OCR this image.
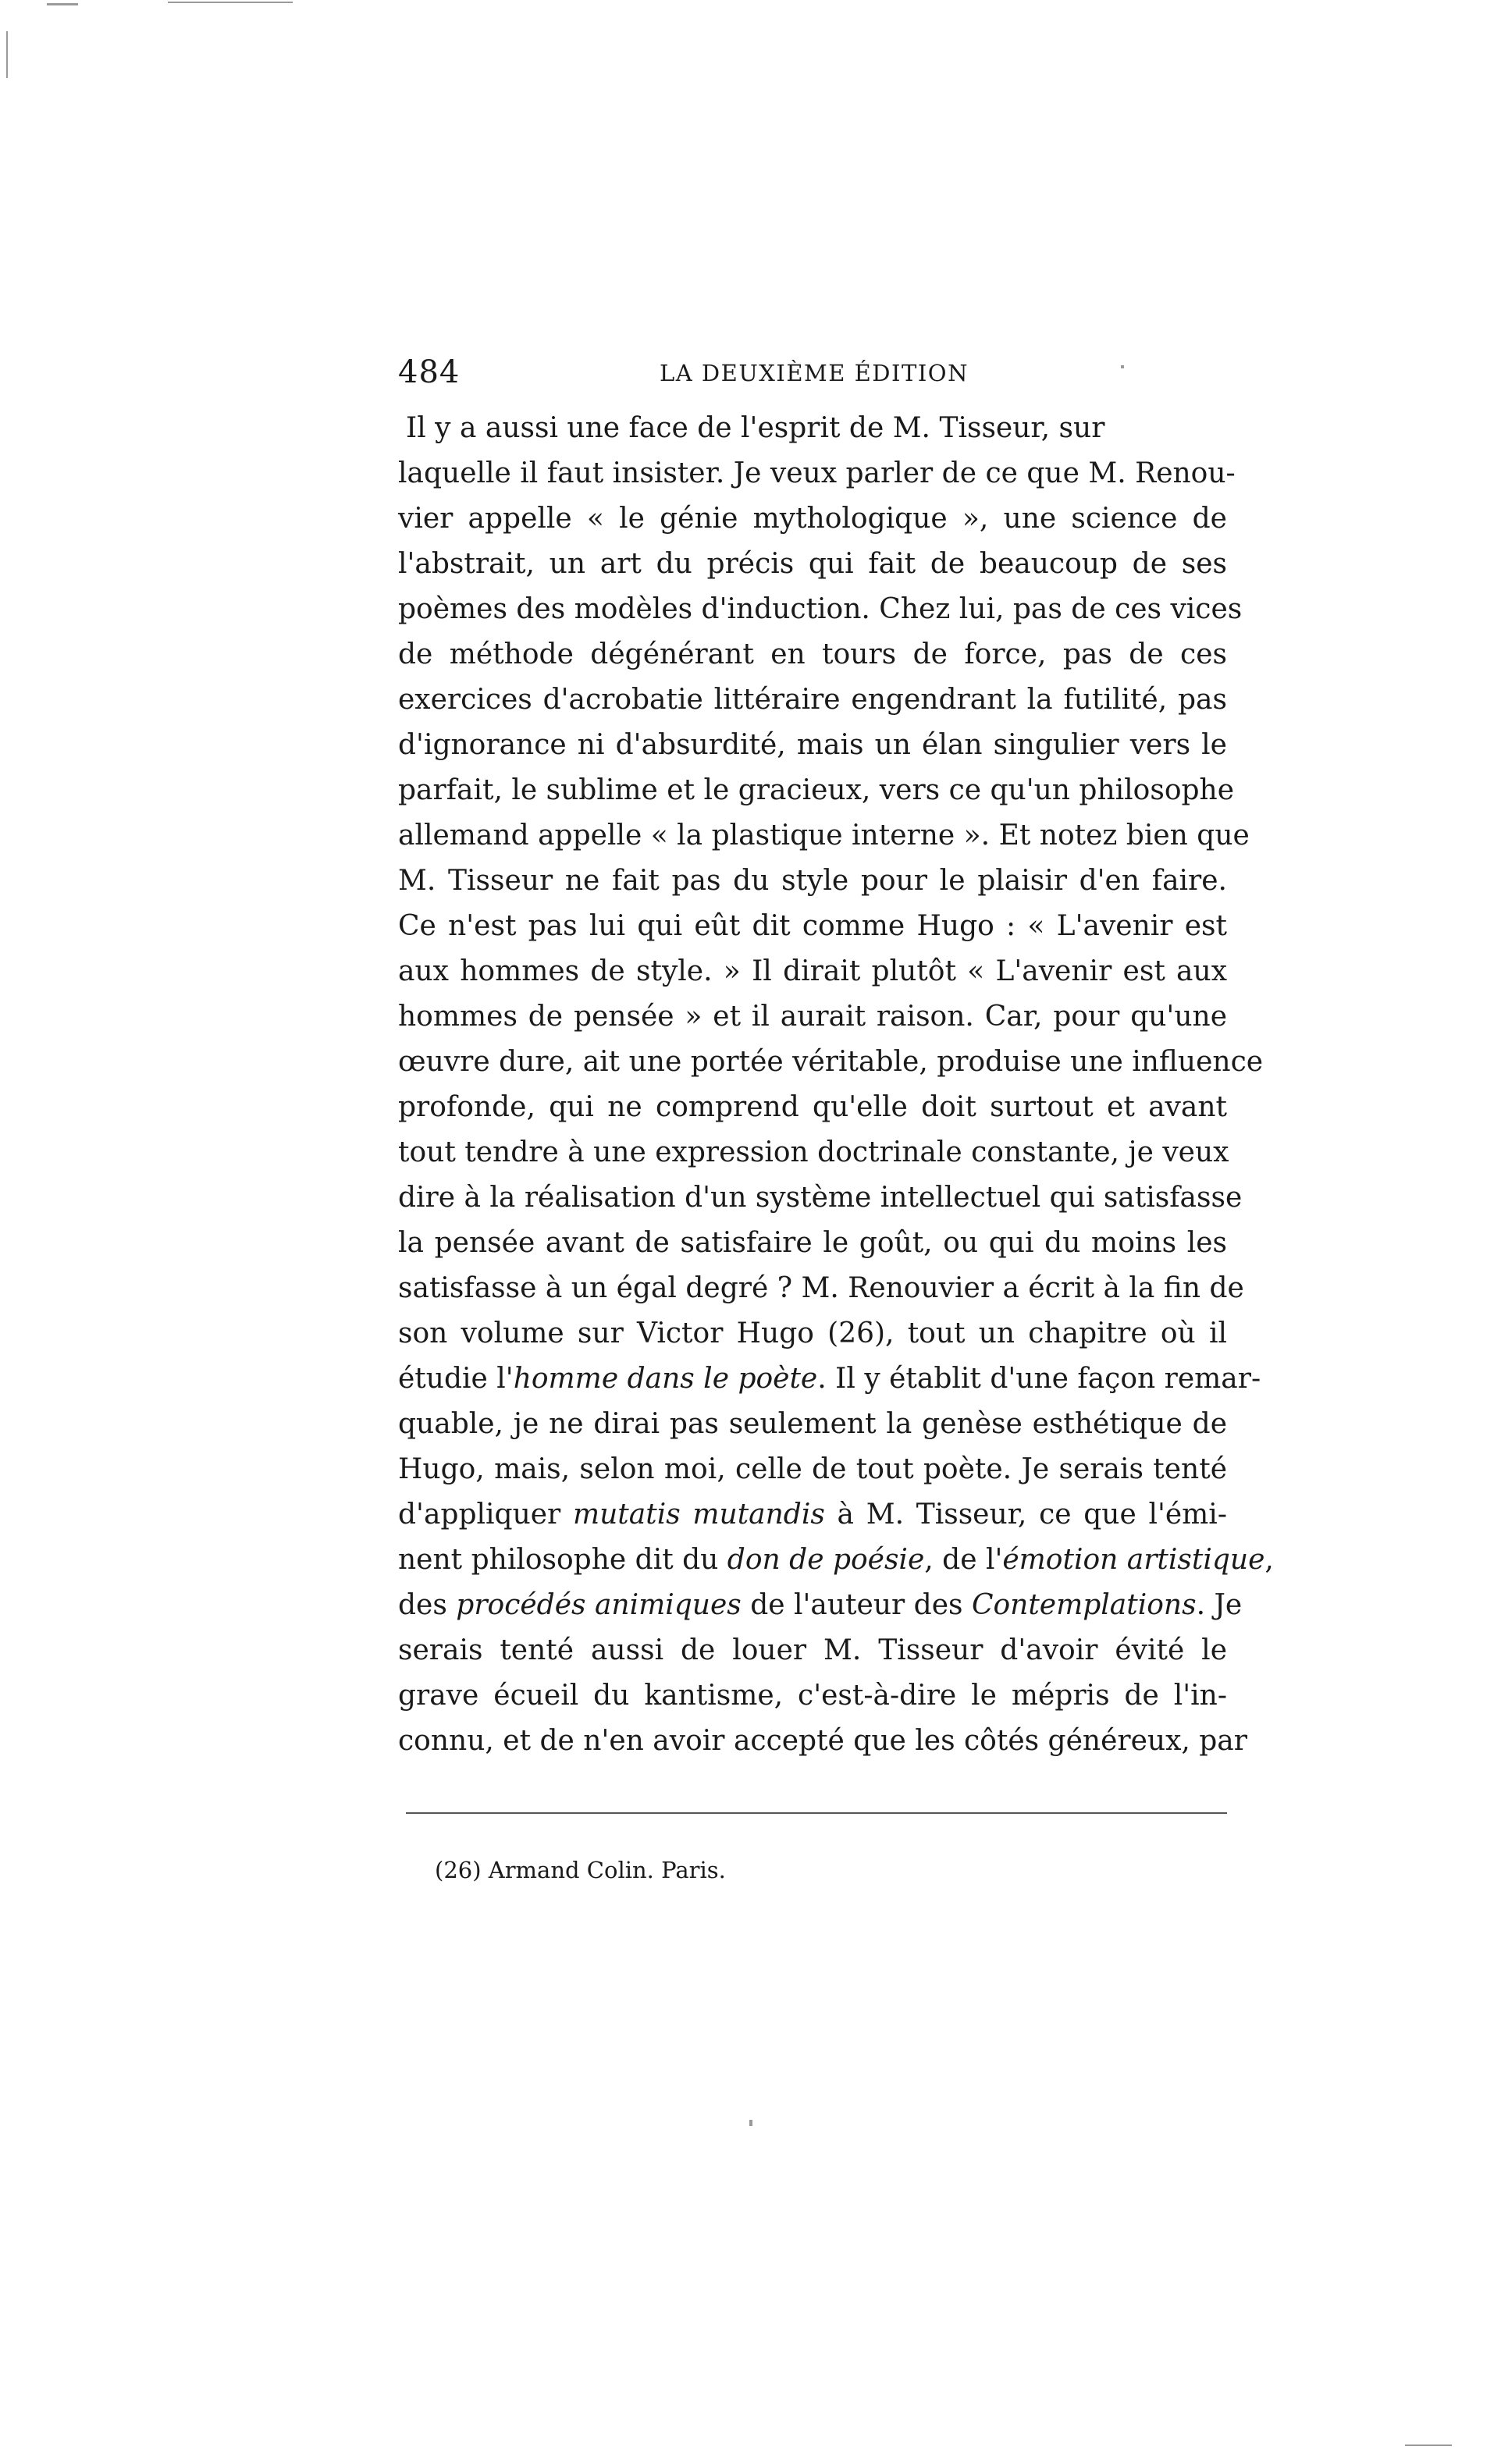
484	LA DEUXIÈME ÉDITION
Il y a aussi une face de l'esprit de M. Tisseur, sur
laquelle il faut insister. Je veux parler de ce que M. Renou-
vier appelle « le génie mythologique », une science de
l'abstrait, un art du précis qui fait de beaucoup de ses
poèmes des modèles d'induction. Chez lui, pas de ces vices
de méthode dégénérant en tours de force, pas de ces
exercices d'acrobatie littéraire engendrant la futilité, pas
d'ignorance ni d'absurdité, mais un élan singulier vers le
parfait, le sublime et le gracieux, vers ce qu'un philosophe
allemand appelle « la plastique interne ». Et notez bien que
M. Tisseur ne fait pas du style pour le plaisir d'en faire.
Ce n'est pas lui qui eût dit comme Hugo : « L'avenir est
aux hommes de style. » Il dirait plutôt « L'avenir est aux
hommes de pensée » et il aurait raison. Car, pour qu'une
œuvre dure, ait une portée véritable, produise une influence
profonde, qui ne comprend qu'elle doit surtout et avant
tout tendre à une expression doctrinale constante, je veux
dire à la réalisation d'un système intellectuel qui satisfasse
la pensée avant de satisfaire le goût, ou qui du moins les
satisfasse à un égal degré ? M. Renouvier a écrit à la fin de
son volume sur Victor Hugo (26), tout un chapitre où il
étudie l'homme dans le poète. Il y établit d'une façon remar-
quable, je ne dirai pas seulement la genèse esthétique de
Hugo, mais, selon moi, celle de tout poète. Je serais tenté
d'appliquer mutatis mutandis à M. Tisseur, ce que l'émi-
nent philosophe dit du don de poésie, de l'émotion artistique,
des procédés animiques de l'auteur des Contemplations. Je
serais tenté aussi de louer M. Tisseur d'avoir évité le
grave écueil du kantisme, c'est-à-dire le mépris de l'in-
connu, et de n'en avoir accepté que les côtés généreux, par
(26) Armand Colin. Paris.
